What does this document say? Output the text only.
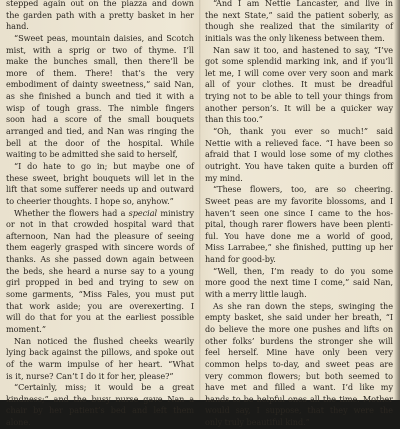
stepped again out on the piazza and down
the garden path with a pretty basket in her
hand.
“Sweet peas, mountain daisies, and Scotch
mist, with a sprig or two of thyme. I’ll
make the bunches small, then there’ll be
more of them. There! that’s the very
embodiment of dainty sweetness,” said Nan,
as she finished a bunch and tied it with a
wisp of tough grass. The nimble fingers
soon had a score of the small bouquets
arranged and tied, and Nan was ringing the
bell at the door of the hospital. While
waiting to be admitted she said to herself,
“I do hate to go in; but maybe one of
these sweet, bright bouquets will let in the
lift that some sufferer needs up and outward
to cheerier thoughts. I hope so, anyhow.”
Whether the flowers had a special ministry
or not in that crowded hospital ward that
afternoon, Nan had the pleasure of seeing
them eagerly grasped with sincere words of
thanks. As she passed down again between
the beds, she heard a nurse say to a young
girl propped in bed and trying to sew on
some garments, “Miss Fales, you must put
that work aside; you are overexerting. I
will do that for you at the earliest possible
moment.”
Nan noticed the flushed cheeks wearily
lying back against the pillows, and spoke out
of the warm impulse of her heart. “What
is it, nurse? Can’t I do it for her, please?”
“Certainly, miss; it would be a great
kindness;” and the busy nurse gave Nan a
chair by her patient’s bed and left them
alone.
“And I am Nettie Lancaster, and live in
the next State,” said the patient soberly, as
though she realized that the similarity of
initials was the only likeness between them.
Nan saw it too, and hastened to say, “I’ve
got some splendid marking ink, and if you’ll
let me, I will come over very soon and mark
all of your clothes. It must be dreadful
trying not to be able to tell your things from
another person’s. It will be a quicker way
than this too.”
“Oh, thank you ever so much!” said
Nettie with a relieved face. “I have been so
afraid that I would lose some of my clothes
outright. You have taken quite a burden off
my mind.
“These flowers, too, are so cheering.
Sweet peas are my favorite blossoms, and I
haven’t seen one since I came to the hos-
pital, though rarer flowers have been plenti-
ful. You have done me a world of good,
Miss Larrabee,” she finished, putting up her
hand for good-by.
“Well, then, I’m ready to do you some
more good the next time I come,” said Nan,
with a merry little laugh.
As she ran down the steps, swinging the
empty basket, she said under her breath, “I
do believe the more one pushes and lifts on
other folks’ burdens the stronger she will
feel herself. Mine have only been very
common helps to-day, and sweet peas are
very common flowers; but both seemed to
have met and filled a want. I’d like my
hands to be helpful ones all the time. Mother
would say, I suppose, that they were the
only truly beautiful kind.”
